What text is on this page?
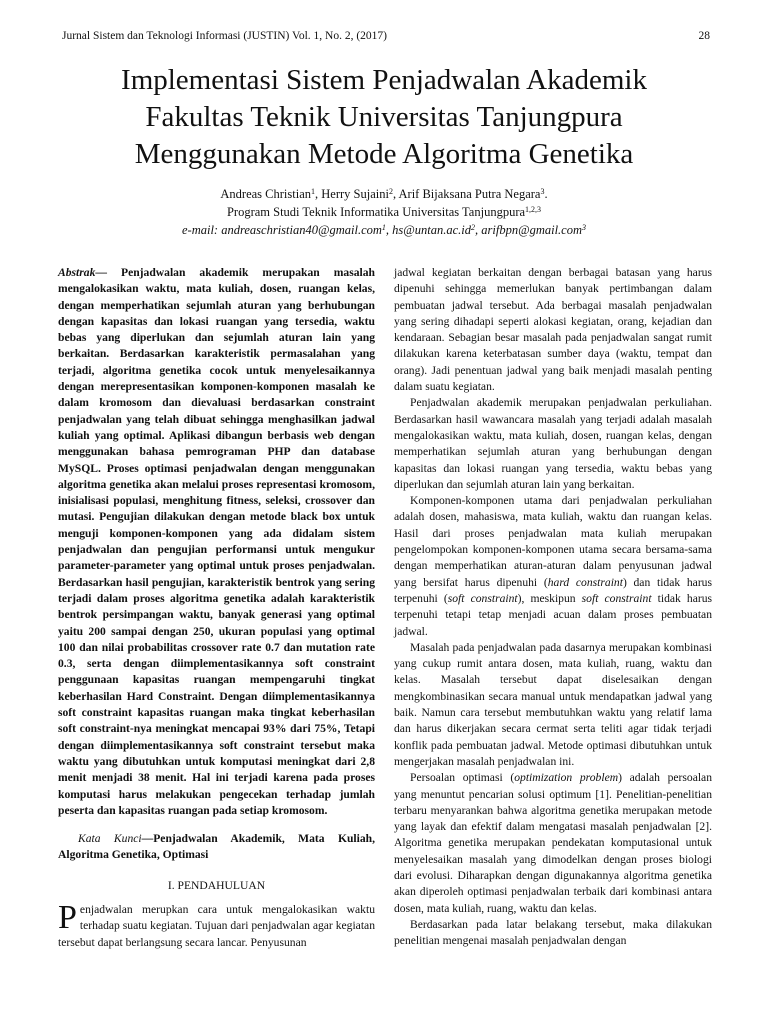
Jurnal Sistem dan Teknologi Informasi (JUSTIN) Vol. 1, No. 2, (2017)	28
Implementasi Sistem Penjadwalan Akademik
Fakultas Teknik Universitas Tanjungpura
Menggunakan Metode Algoritma Genetika
Andreas Christian$^1$, Herry Sujaini$^2$, Arif Bijaksana Putra Negara$^3$.
Program Studi Teknik Informatika Universitas Tanjungpura$^{1,2,3}$
e-mail: andreaschristian40@gmail.com$^1$, $hs@untan.ac.id^2$, arifbpn@gmail.com$^3$

Abstrak— Penjadwalan akademik merupakan masalah mengalokasikan waktu, mata kuliah, dosen, ruangan kelas, dengan memperhatikan sejumlah aturan yang berhubungan dengan kapasitas dan lokasi ruangan yang tersedia, waktu bebas yang diperlukan dan sejumlah aturan lain yang berkaitan. Berdasarkan karakteristik permasalahan yang terjadi, algoritma genetika cocok untuk menyelesaikannya dengan merepresentasikan komponen-komponen masalah ke dalam kromosom dan dievaluasi berdasarkan constraint penjadwalan yang telah dibuat sehingga menghasilkan jadwal kuliah yang optimal. Aplikasi dibangun berbasis web dengan menggunakan bahasa pemrograman PHP dan database MySQL. Proses optimasi penjadwalan dengan menggunakan algoritma genetika akan melalui proses representasi kromosom, inisialisasi populasi, menghitung fitness, seleksi, crossover dan mutasi. Pengujian dilakukan dengan metode black box untuk menguji komponen-komponen yang ada didalam sistem penjadwalan dan pengujian performansi untuk mengukur parameter-parameter yang optimal untuk proses penjadwalan. Berdasarkan hasil pengujian, karakteristik bentrok yang sering terjadi dalam proses algoritma genetika adalah karakteristik bentrok persimpangan waktu, banyak generasi yang optimal yaitu 200 sampai dengan 250, ukuran populasi yang optimal 100 dan nilai probabilitas crossover rate 0.7 dan mutation rate 0.3, serta dengan diimplementasikannya soft constraint penggunaan kapasitas ruangan mempengaruhi tingkat keberhasilan Hard Constraint. Dengan diimplementasikannya soft constraint kapasitas ruangan maka tingkat keberhasilan soft constraint-nya meningkat mencapai 93% dari 75%, Tetapi dengan diimplementasikannya soft constraint tersebut maka waktu yang dibutuhkan untuk komputasi meningkat dari 2,8 menit menjadi 38 menit. Hal ini terjadi karena pada proses komputasi harus melakukan pengecekan terhadap jumlah peserta dan kapasitas ruangan pada setiap kromosom.

Kata Kunci—Penjadwalan Akademik, Mata Kuliah, Algoritma Genetika, Optimasi

I. PENDAHULUAN

Penjadwalan merupkan cara untuk mengalokasikan waktu terhadap suatu kegiatan. Tujuan dari penjadwalan agar kegiatan tersebut dapat berlangsung secara lancar. Penyusunan

jadwal kegiatan berkaitan dengan berbagai batasan yang harus dipenuhi sehingga memerlukan banyak pertimbangan dalam pembuatan jadwal tersebut. Ada berbagai masalah penjadwalan yang sering dihadapi seperti alokasi kegiatan, orang, kejadian dan kendaraan. Sebagian besar masalah pada penjadwalan sangat rumit dilakukan karena keterbatasan sumber daya (waktu, tempat dan orang). Jadi penentuan jadwal yang baik menjadi masalah penting dalam suatu kegiatan.

Penjadwalan akademik merupakan penjadwalan perkuliahan. Berdasarkan hasil wawancara masalah yang terjadi adalah masalah mengalokasikan waktu, mata kuliah, dosen, ruangan kelas, dengan memperhatikan sejumlah aturan yang berhubungan dengan kapasitas dan lokasi ruangan yang tersedia, waktu bebas yang diperlukan dan sejumlah aturan lain yang berkaitan.

Komponen-komponen utama dari penjadwalan perkuliahan adalah dosen, mahasiswa, mata kuliah, waktu dan ruangan kelas. Hasil dari proses penjadwalan mata kuliah merupakan pengelompokan komponen-komponen utama secara bersama-sama dengan memperhatikan aturan-aturan dalam penyusunan jadwal yang bersifat harus dipenuhi (hard constraint) dan tidak harus terpenuhi (soft constraint), meskipun soft constraint tidak harus terpenuhi tetapi tetap menjadi acuan dalam proses pembuatan jadwal.

Masalah pada penjadwalan pada dasarnya merupakan kombinasi yang cukup rumit antara dosen, mata kuliah, ruang, waktu dan kelas. Masalah tersebut dapat diselesaikan dengan mengkombinasikan secara manual untuk mendapatkan jadwal yang baik. Namun cara tersebut membutuhkan waktu yang relatif lama dan harus dikerjakan secara cermat serta teliti agar tidak terjadi konflik pada pembuatan jadwal. Metode optimasi dibutuhkan untuk mengerjakan masalah penjadwalan ini.

Persoalan optimasi (optimization problem) adalah persoalan yang menuntut pencarian solusi optimum [1]. Penelitian-penelitian terbaru menyarankan bahwa algoritma genetika merupakan metode yang layak dan efektif dalam mengatasi masalah penjadwalan [2]. Algoritma genetika merupakan pendekatan komputasional untuk menyelesaikan masalah yang dimodelkan dengan proses biologi dari evolusi. Diharapkan dengan digunakannya algoritma genetika akan diperoleh optimasi penjadwalan terbaik dari kombinasi antara dosen, mata kuliah, ruang, waktu dan kelas.

Berdasarkan pada latar belakang tersebut, maka dilakukan penelitian mengenai masalah penjadwalan dengan
